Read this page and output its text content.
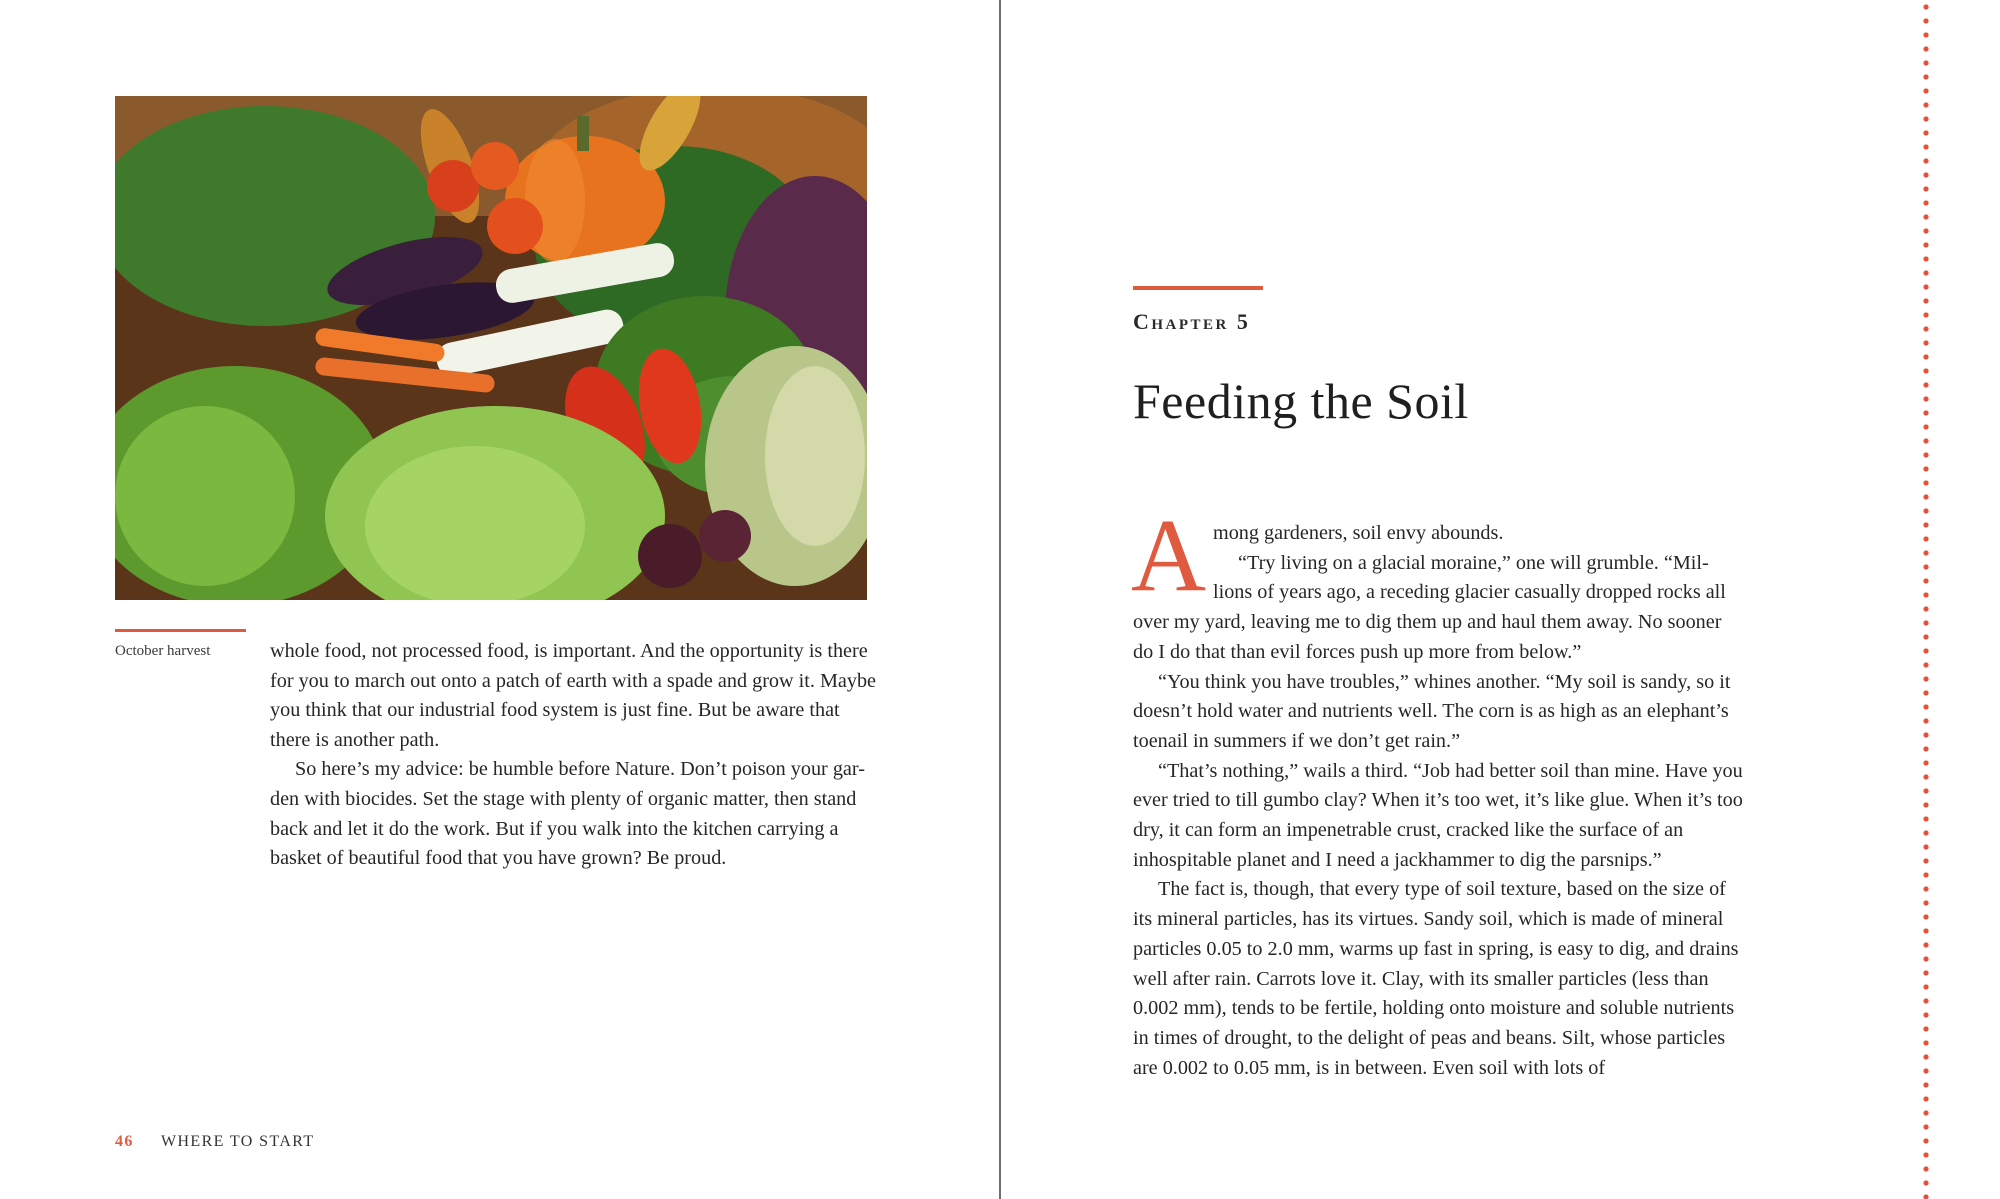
October harvest	whole food, not processed food, is important. And the opportunity is there for you to march out onto a patch of earth with a spade and grow it. Maybe you think that our industrial food system is just fine. But be aware that there is another path.

So here’s my advice: be humble before Nature. Don’t poison your gar-den with biocides. Set the stage with plenty of organic matter, then stand back and let it do the work. But if you walk into the kitchen carrying a basket of beautiful food that you have grown? Be proud.

46 WHERE TO START
Chapter 5
Feeding the Soil
A mong gardeners, soil envy abounds.

“Try living on a glacial moraine,” one will grumble. “Mil-

lions of years ago, a receding glacier casually dropped rocks all

over my yard, leaving me to dig them up and haul them away. No sooner do I do that than evil forces push up more from below.”

“You think you have troubles,” whines another. “My soil is sandy, so it doesn’t hold water and nutrients well. The corn is as high as an elephant’s toenail in summers if we don’t get rain.”

“That’s nothing,” wails a third. “Job had better soil than mine. Have you ever tried to till gumbo clay? When it’s too wet, it’s like glue. When it’s too dry, it can form an impenetrable crust, cracked like the surface of an inhospitable planet and I need a jackhammer to dig the parsnips.”

The fact is, though, that every type of soil texture, based on the size of its mineral particles, has its virtues. Sandy soil, which is made of mineral particles 0.05 to 2.0 mm, warms up fast in spring, is easy to dig, and drains well after rain. Carrots love it. Clay, with its smaller particles (less than 0.002 mm), tends to be fertile, holding onto moisture and soluble nutrients in times of drought, to the delight of peas and beans. Silt, whose particles are 0.002 to 0.05 mm, is in between. Even soil with lots of
